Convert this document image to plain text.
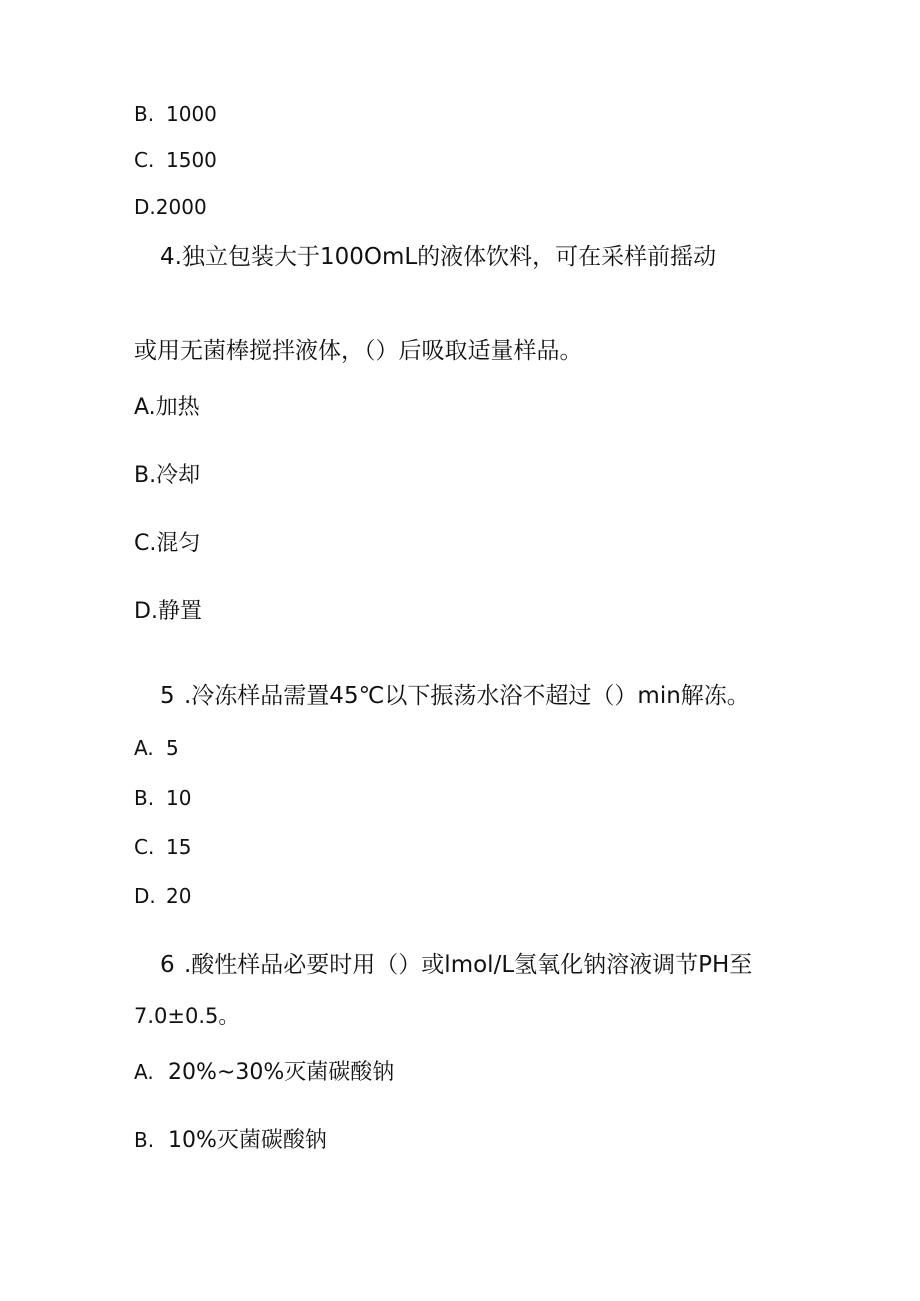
B. 1000
C. 1500
D.2000
4.独立包装大于100OmL的液体饮料，可在采样前摇动
或用无菌棒搅拌液体，（）后吸取适量样品。
A.加热
B.冷却
C.混匀
D.静置
5 .冷冻样品需置45℃以下振荡水浴不超过（）min解冻。
A. 5
B. 10
C. 15
D. 20
6 .酸性样品必要时用（）或lmol/L氢氧化钠溶液调节PH至
7.0±0.5。
A. 20%~30%灭菌碳酸钠
B. 10%灭菌碳酸钠
